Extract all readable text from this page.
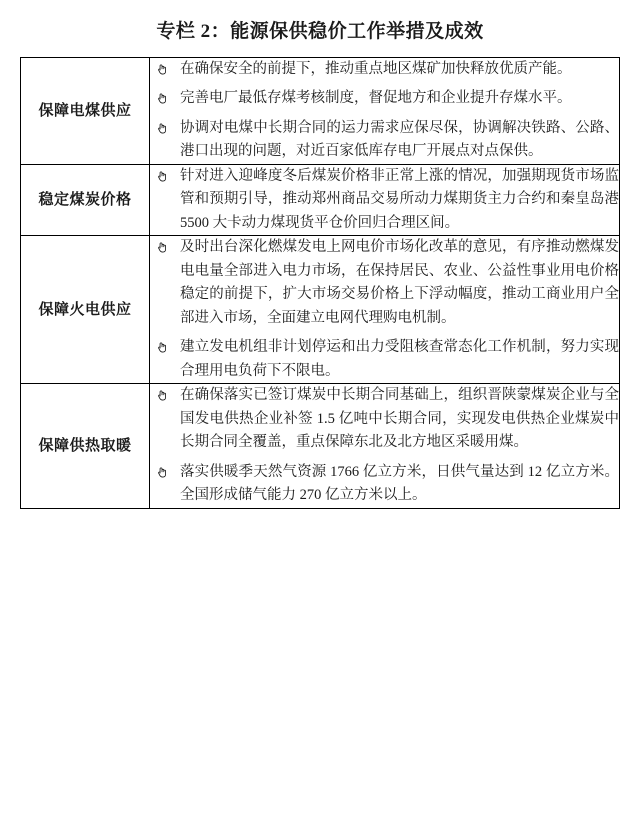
专栏 2：能源保供稳价工作举措及成效
保障电煤供应	
在确保安全的前提下，推动重点地区煤矿加快释放优质产能。
完善电厂最低存煤考核制度，督促地方和企业提升存煤水平。
协调对电煤中长期合同的运力需求应保尽保，协调解决铁路、公路、港口出现的问题，对近百家低库存电厂开展点对点保供。

稳定煤炭价格	
针对进入迎峰度冬后煤炭价格非正常上涨的情况，加强期现货市场监管和预期引导，推动郑州商品交易所动力煤期货主力合约和秦皇岛港 5500 大卡动力煤现货平仓价回归合理区间。

保障火电供应	
及时出台深化燃煤发电上网电价市场化改革的意见，有序推动燃煤发电电量全部进入电力市场，在保持居民、农业、公益性事业用电价格稳定的前提下，扩大市场交易价格上下浮动幅度，推动工商业用户全部进入市场，全面建立电网代理购电机制。
建立发电机组非计划停运和出力受阻核查常态化工作机制，努力实现合理用电负荷下不限电。

保障供热取暖	
在确保落实已签订煤炭中长期合同基础上，组织晋陕蒙煤炭企业与全国发电供热企业补签 1.5 亿吨中长期合同，实现发电供热企业煤炭中长期合同全覆盖，重点保障东北及北方地区采暖用煤。
落实供暖季天然气资源 1766 亿立方米，日供气量达到 12 亿立方米。全国形成储气能力 270 亿立方米以上。
